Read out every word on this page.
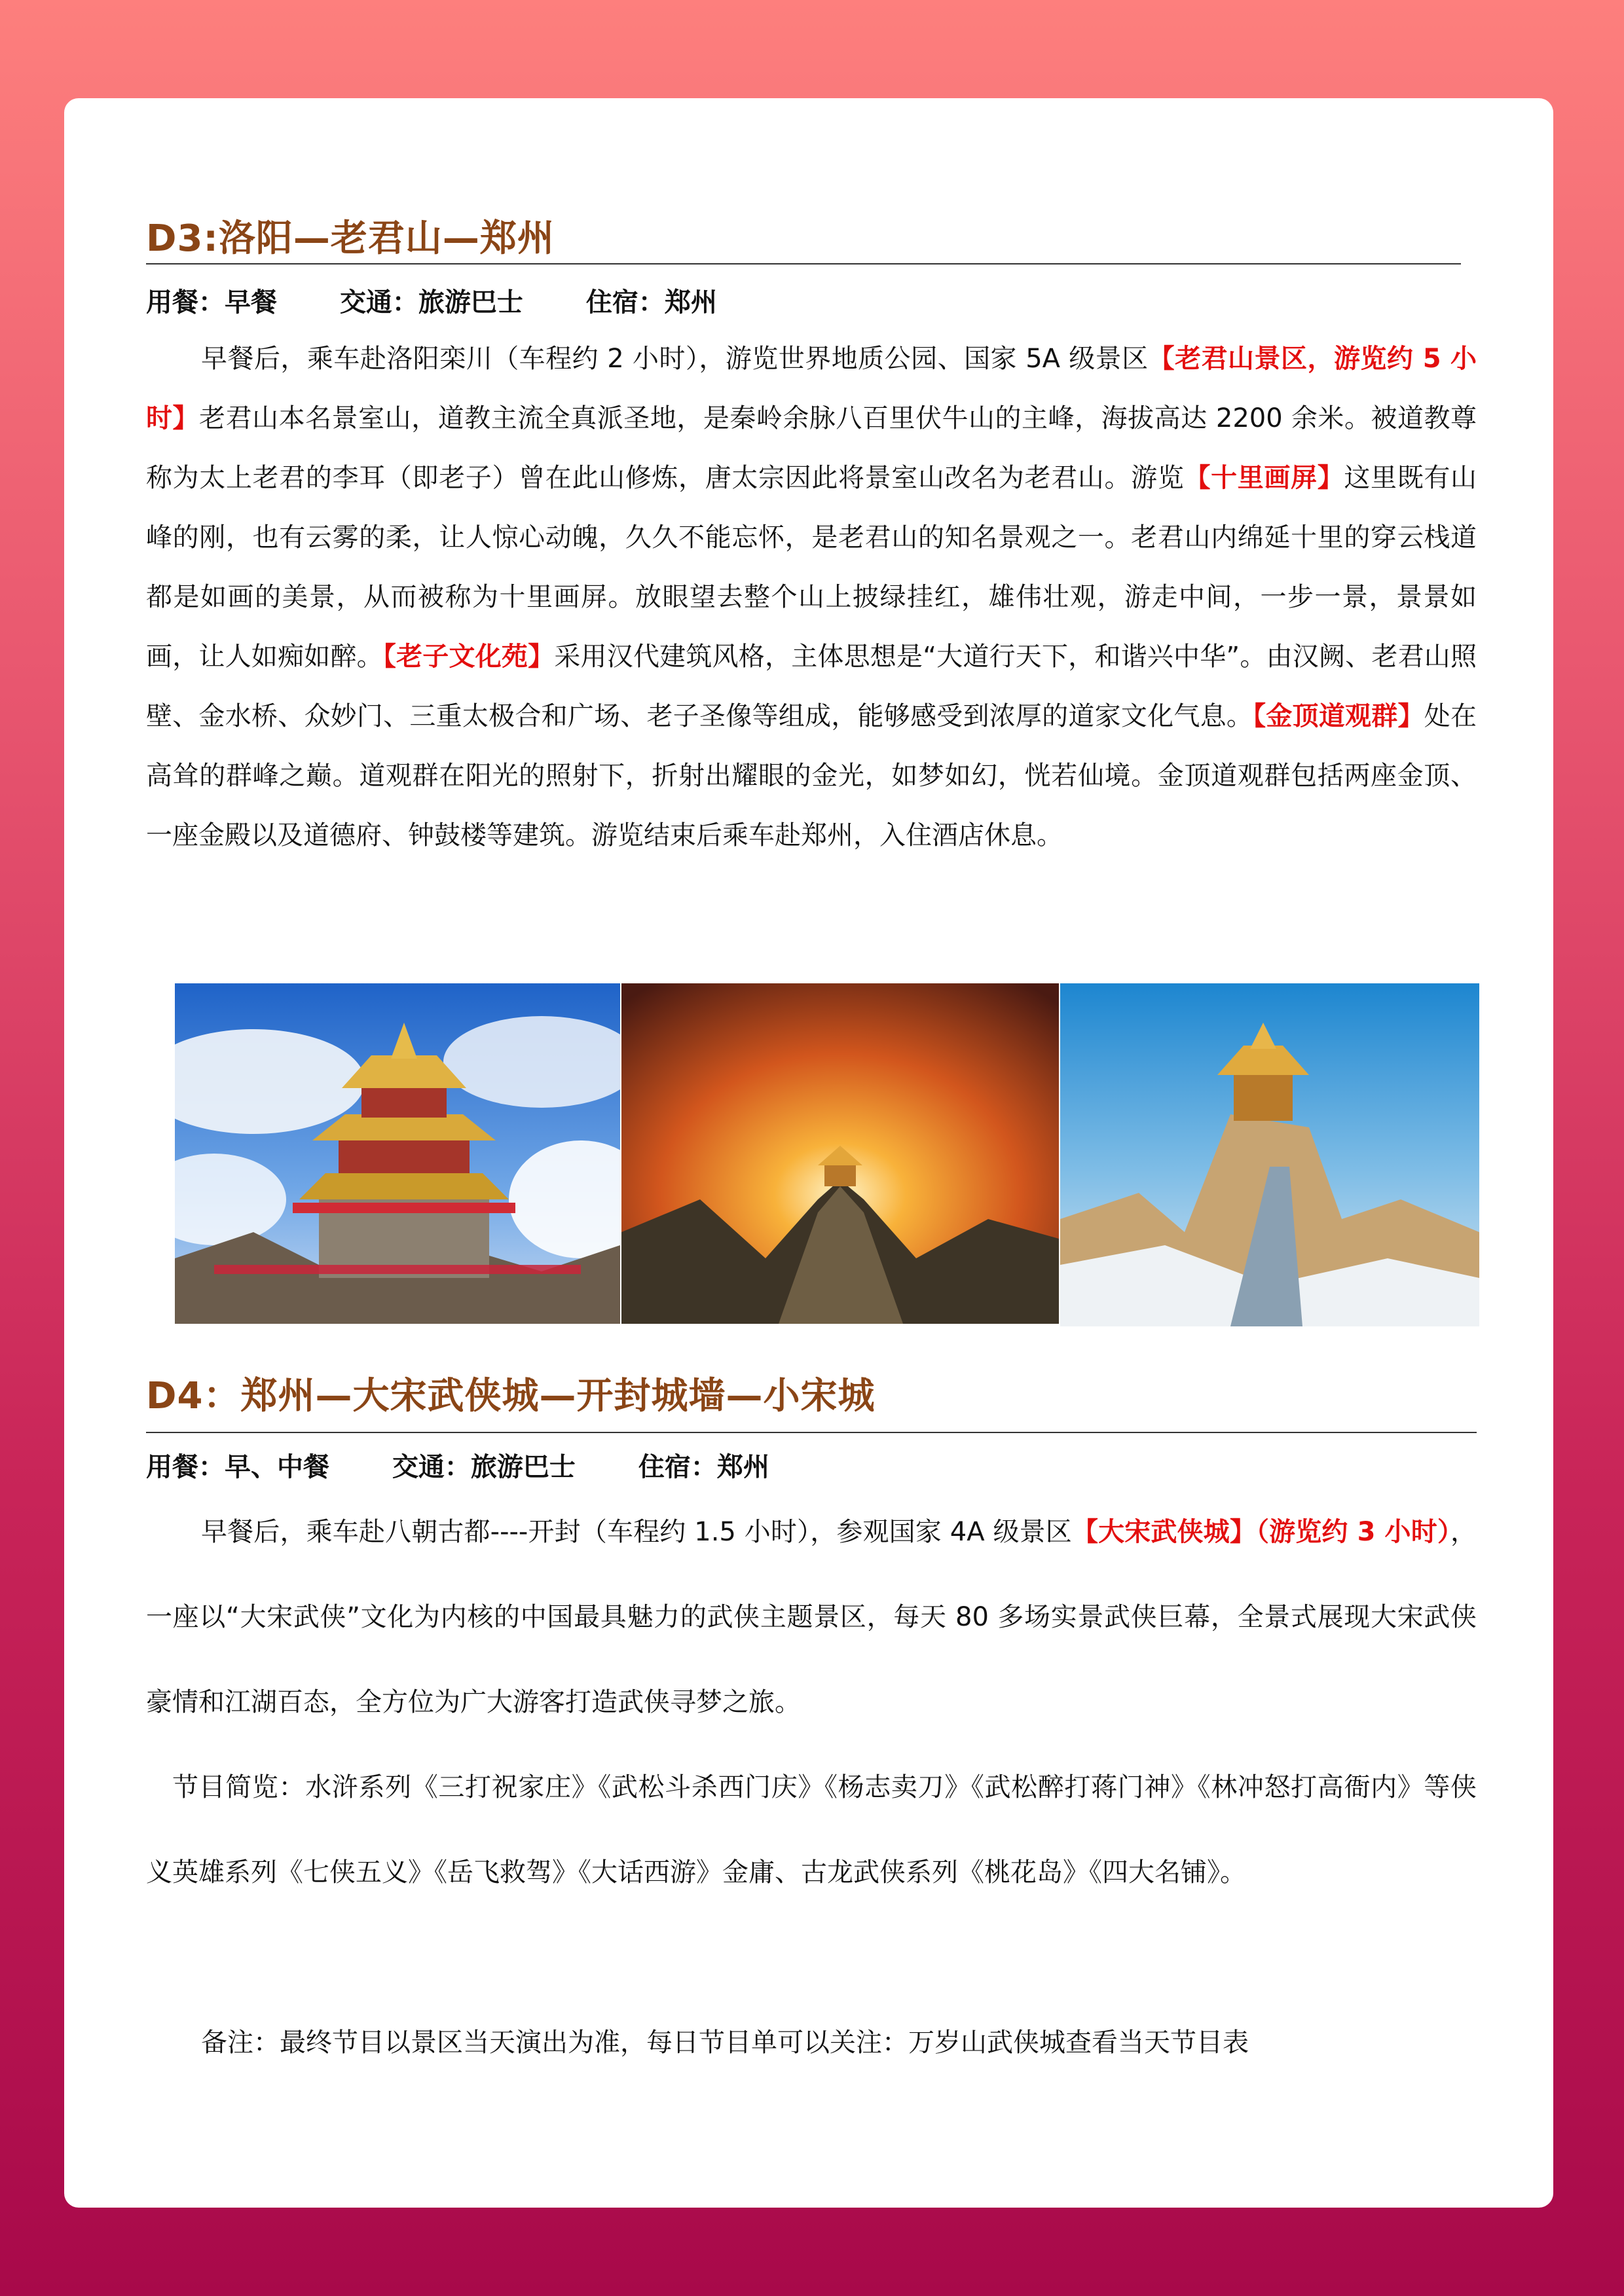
D3:洛阳—老君山—郑州
用餐：早餐 交通：旅游巴士 住宿：郑州
早餐后，乘车赴洛阳栾川（车程约 2 小时），游览世界地质公园、国家 5A 级景区【老君山景区，游览约 5 小时】老君山本名景室山，道教主流全真派圣地，是秦岭余脉八百里伏牛山的主峰，海拔高达 2200 余米。被道教尊称为太上老君的李耳（即老子）曾在此山修炼，唐太宗因此将景室山改名为老君山。游览【十里画屏】这里既有山峰的刚，也有云雾的柔，让人惊心动魄，久久不能忘怀，是老君山的知名景观之一。老君山内绵延十里的穿云栈道都是如画的美景，从而被称为十里画屏。放眼望去整个山上披绿挂红，雄伟壮观，游走中间，一步一景，景景如画，让人如痴如醉。【老子文化苑】采用汉代建筑风格，主体思想是“大道行天下，和谐兴中华”。由汉阙、老君山照壁、金水桥、众妙门、三重太极合和广场、老子圣像等组成，能够感受到浓厚的道家文化气息。【金顶道观群】处在高耸的群峰之巅。道观群在阳光的照射下，折射出耀眼的金光，如梦如幻，恍若仙境。金顶道观群包括两座金顶、一座金殿以及道德府、钟鼓楼等建筑。游览结束后乘车赴郑州，入住酒店休息。
D4：郑州—大宋武侠城—开封城墙—小宋城
用餐：早、中餐 交通：旅游巴士 住宿：郑州
早餐后，乘车赴八朝古都----开封（车程约 1.5 小时），参观国家 4A 级景区【大宋武侠城】（游览约 3 小时），一座以“大宋武侠”文化为内核的中国最具魅力的武侠主题景区，每天 80 多场实景武侠巨幕，全景式展现大宋武侠豪情和江湖百态，全方位为广大游客打造武侠寻梦之旅。
节目简览：水浒系列《三打祝家庄》《武松斗杀西门庆》《杨志卖刀》《武松醉打蒋门神》《林冲怒打高衙内》等侠义英雄系列《七侠五义》《岳飞救驾》《大话西游》金庸、古龙武侠系列《桃花岛》《四大名铺》。
备注：最终节目以景区当天演出为准，每日节目单可以关注：万岁山武侠城查看当天节目表
